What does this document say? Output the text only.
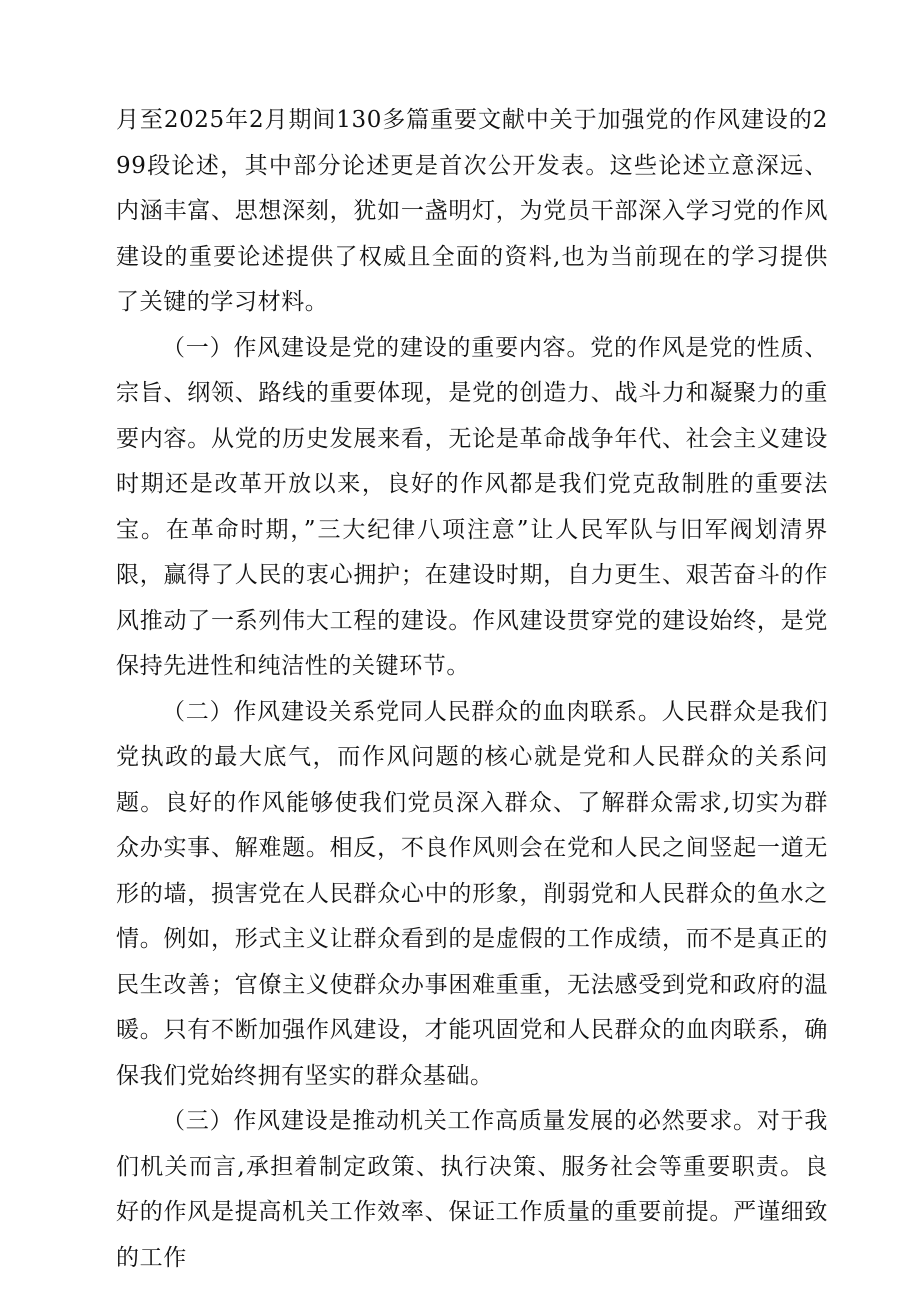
月至2025年2月期间130多篇重要文献中关于加强党的作风建设的299段论述，其中部分论述更是首次公开发表。这些论述立意深远、内涵丰富、思想深刻，犹如一盏明灯，为党员干部深入学习党的作风建设的重要论述提供了权威且全面的资料,也为当前现在的学习提供了关键的学习材料。

（一）作风建设是党的建设的重要内容。党的作风是党的性质、宗旨、纲领、路线的重要体现，是党的创造力、战斗力和凝聚力的重要内容。从党的历史发展来看，无论是革命战争年代、社会主义建设时期还是改革开放以来，良好的作风都是我们党克敌制胜的重要法宝。在革命时期，”三大纪律八项注意”让人民军队与旧军阀划清界限，赢得了人民的衷心拥护；在建设时期，自力更生、艰苦奋斗的作风推动了一系列伟大工程的建设。作风建设贯穿党的建设始终，是党保持先进性和纯洁性的关键环节。

（二）作风建设关系党同人民群众的血肉联系。人民群众是我们党执政的最大底气，而作风问题的核心就是党和人民群众的关系问题。良好的作风能够使我们党员深入群众、了解群众需求,切实为群众办实事、解难题。相反，不良作风则会在党和人民之间竖起一道无形的墙，损害党在人民群众心中的形象，削弱党和人民群众的鱼水之情。例如，形式主义让群众看到的是虚假的工作成绩，而不是真正的民生改善；官僚主义使群众办事困难重重，无法感受到党和政府的温暖。只有不断加强作风建设，才能巩固党和人民群众的血肉联系，确保我们党始终拥有坚实的群众基础。

（三）作风建设是推动机关工作高质量发展的必然要求。对于我们机关而言,承担着制定政策、执行决策、服务社会等重要职责。良好的作风是提高机关工作效率、保证工作质量的重要前提。严谨细致的工作
